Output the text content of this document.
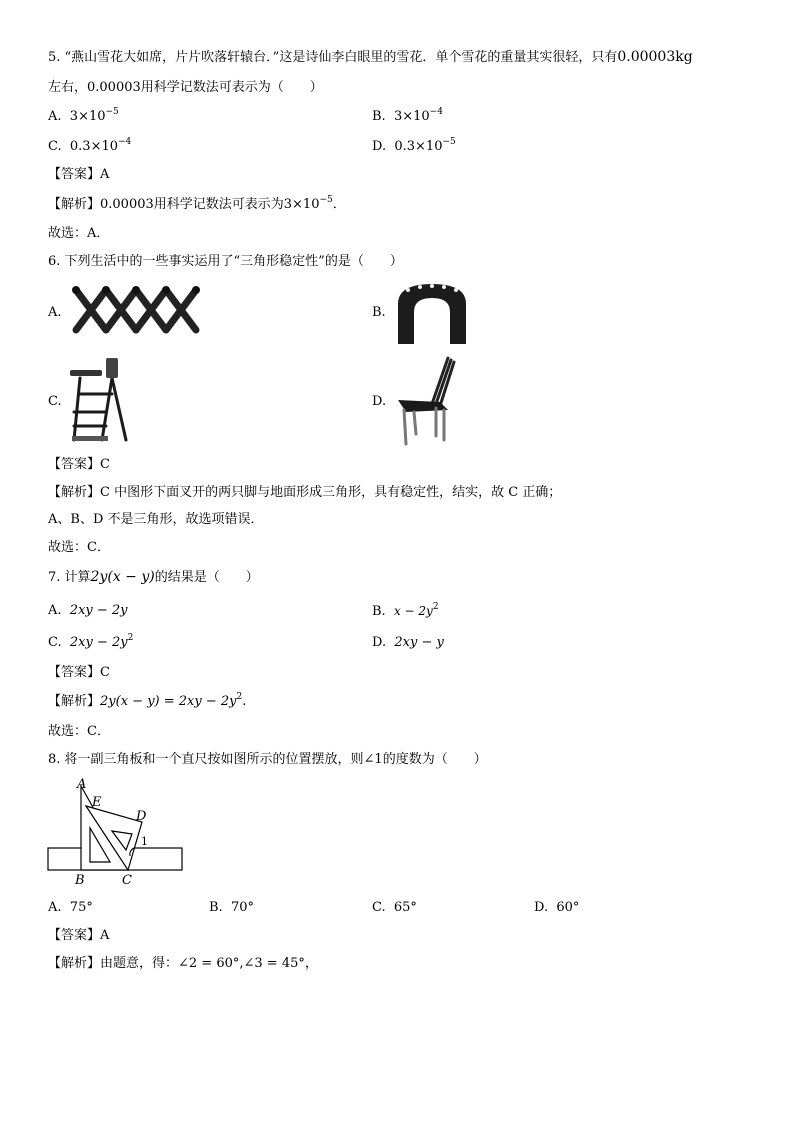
5. “燕山雪花大如席，片片吹落轩辕台．”这是诗仙李白眼里的雪花．单个雪花的重量其实很轻，只有0.00003kg
左右，0.00003用科学记数法可表示为（　　）
A. $3\times 10^{-5}$	B. $3\times 10^{-4}$
C. $0.3\times 10^{-4}$	D. $0.3\times 10^{-5}$
【答案】A
【解析】0.00003用科学记数法可表示为$3\times 10^{-5}$．
故选：A．
6. 下列生活中的一些事实运用了“三角形稳定性”的是（　　）
A.	B.
C.	D.
【答案】C
【解析】C 中图形下面叉开的两只脚与地面形成三角形，具有稳定性，结实，故 C 正确；
A、B、D 不是三角形，故选项错误．
故选：C．
7. 计算2y(x − y)的结果是（　　）
A. 2xy − 2y	B. $x - 2y^2$
C. $2xy - 2y^2$	D. 2xy − y
【答案】C
【解析】$2y(x - y) = 2xy - 2y^2$.
故选：C．
8. 将一副三角板和一个直尺按如图所示的位置摆放，则∠1的度数为（　　）
A
E
D
1
B	C
A. 75°	B. 70°	C. 65°	D. 60°
【答案】A
【解析】由题意，得：∠2 = 60°,∠3 = 45°，
